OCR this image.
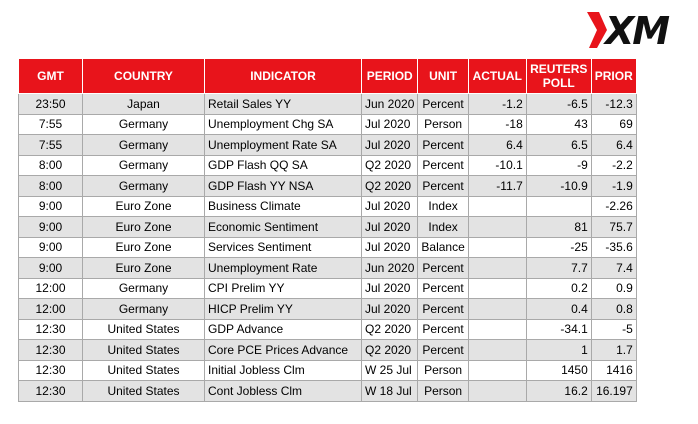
XM
GMT	COUNTRY	INDICATOR	PERIOD	UNIT	ACTUAL	REUTERS
POLL	PRIOR
23:50	Japan	Retail Sales YY	Jun 2020	Percent	-1.2	-6.5	-12.3
7:55	Germany	Unemployment Chg SA	Jul 2020	Person	-18	43	69
7:55	Germany	Unemployment Rate SA	Jul 2020	Percent	6.4	6.5	6.4
8:00	Germany	GDP Flash QQ SA	Q2 2020	Percent	-10.1	-9	-2.2
8:00	Germany	GDP Flash YY NSA	Q2 2020	Percent	-11.7	-10.9	-1.9
9:00	Euro Zone	Business Climate	Jul 2020	Index			-2.26
9:00	Euro Zone	Economic Sentiment	Jul 2020	Index		81	75.7
9:00	Euro Zone	Services Sentiment	Jul 2020	Balance		-25	-35.6
9:00	Euro Zone	Unemployment Rate	Jun 2020	Percent		7.7	7.4
12:00	Germany	CPI Prelim YY	Jul 2020	Percent		0.2	0.9
12:00	Germany	HICP Prelim YY	Jul 2020	Percent		0.4	0.8
12:30	United States	GDP Advance	Q2 2020	Percent		-34.1	-5
12:30	United States	Core PCE Prices Advance	Q2 2020	Percent		1	1.7
12:30	United States	Initial Jobless Clm	W 25 Jul	Person		1450	1416
12:30	United States	Cont Jobless Clm	W 18 Jul	Person		16.2	16.197
